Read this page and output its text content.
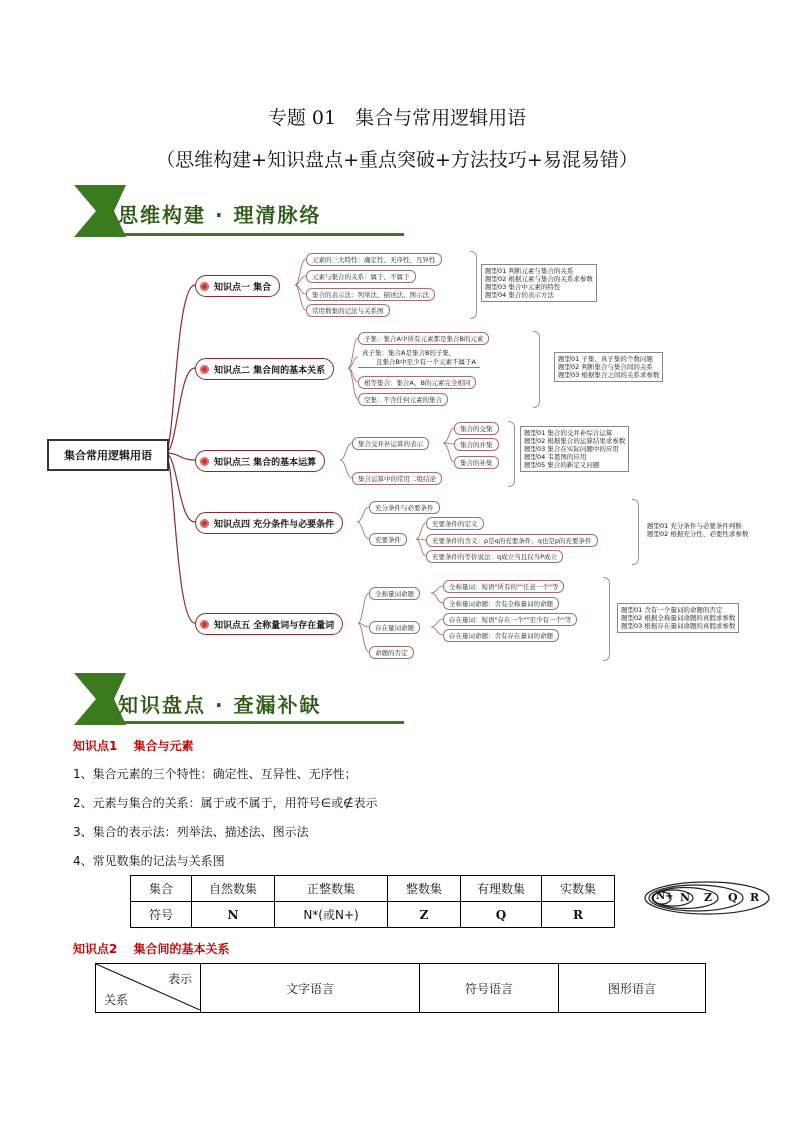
专题 01　集合与常用逻辑用语
（思维构建+知识盘点+重点突破+方法技巧+易混易错）
思维构建 · 理清脉络
集合常用逻辑用语
知识点一 集合
元素的三大特性：确定性、无序性、互异性
元素与集合的关系：属于、不属于
集合的表示法：列举法、描述法、图示法
常用数集的记法与关系图
题型01 判断元素与集合的关系
题型02 根据元素与集合的关系求参数
题型03 集合中元素的特性
题型04 集合的表示方法
知识点二 集合间的基本关系
子集：集合A中所有元素都是集合B的元素
真子集：集合A是集合B的子集，
且集合B中至少有一个元素不属于A
相等集合：集合A、B的元素完全相同
空集：不含任何元素的集合
题型01 子集、真子集的个数问题
题型02 判断集合与集合间的关系
题型03 根据集合之间的关系求参数
知识点三 集合的基本运算
集合交并补运算的表示
集合运算中的常用二级结论
集合的交集
集合的并集
集合的补集
题型01 集合的交并补综合运算
题型02 根据集合的运算结果求参数
题型03 集合在实际问题中的应用
题型04 韦恩图的应用
题型05 集合的新定义问题
知识点四 充分条件与必要条件
充分条件与必要条件
充要条件
充要条件的定义
充要条件的含义：p是q的充要条件，q也是p的充要条件
充要条件的等价说法：q成立当且仅当P成立
题型01 充分条件与必要条件判断
题型02 根据充分性、必要性求参数
知识点五 全称量词与存在量词
全称量词命题
存在量词命题
命题的否定
全称量词：短语"所有的""任意一个"等
全称量词命题：含有全称量词的命题
存在量词：短语"存在一个""至少有一个"等
存在量词命题：含有存在量词的命题
题型01 含有一个量词的命题的否定
题型02 根据全称量词命题的真假求参数
题型03 根据存在量词命题的真假求参数
知识盘点 · 查漏补缺
知识点1　 集合与元素
1、集合元素的三个特性：确定性、互异性、无序性；
2、元素与集合的关系：属于或不属于，用符号∈或∉表示
3、集合的表示法：列举法、描述法、图示法
4、常见数集的记法与关系图
集合	自然数集	正整数集	整数集	有理数集	实数集
符号	N	N*(或N+)	Z	Q	R
N+ N Z Q R
知识点2　 集合间的基本关系
表示
关系
	文字语言	符号语言	图形语言
